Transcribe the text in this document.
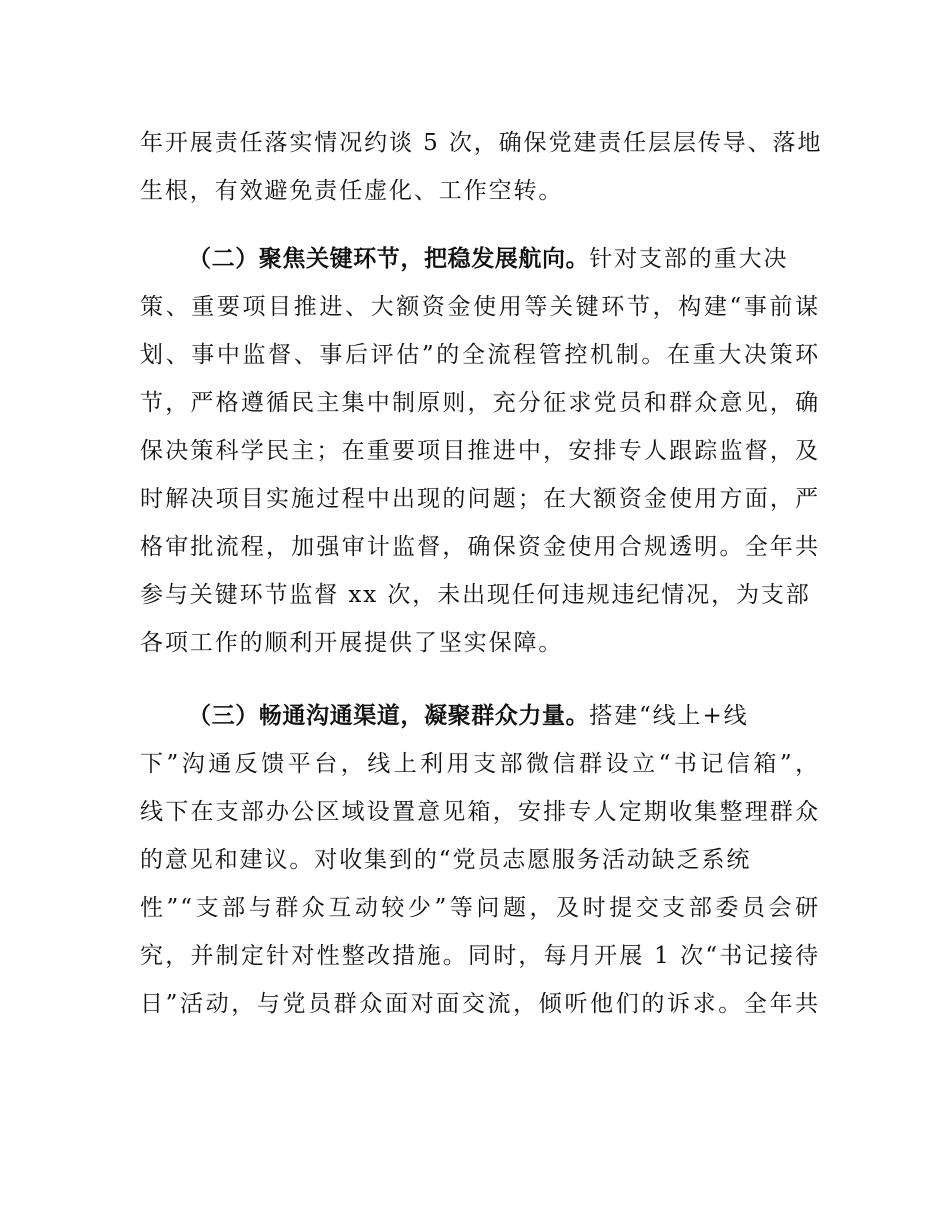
年开展责任落实情况约谈 5 次，确保党建责任层层传导、落地
生根，有效避免责任虚化、工作空转。
（二）聚焦关键环节，把稳发展航向。针对支部的重大决
策、重要项目推进、大额资金使用等关键环节，构建“事前谋
划、事中监督、事后评估”的全流程管控机制。在重大决策环
节，严格遵循民主集中制原则，充分征求党员和群众意见，确
保决策科学民主；在重要项目推进中，安排专人跟踪监督，及
时解决项目实施过程中出现的问题；在大额资金使用方面，严
格审批流程，加强审计监督，确保资金使用合规透明。全年共
参与关键环节监督 xx 次，未出现任何违规违纪情况，为支部
各项工作的顺利开展提供了坚实保障。
（三）畅通沟通渠道，凝聚群众力量。搭建“线上+线
下”沟通反馈平台，线上利用支部微信群设立“书记信箱”，
线下在支部办公区域设置意见箱，安排专人定期收集整理群众
的意见和建议。对收集到的“党员志愿服务活动缺乏系统
性”“支部与群众互动较少”等问题，及时提交支部委员会研
究，并制定针对性整改措施。同时，每月开展 1 次“书记接待
日”活动，与党员群众面对面交流，倾听他们的诉求。全年共
